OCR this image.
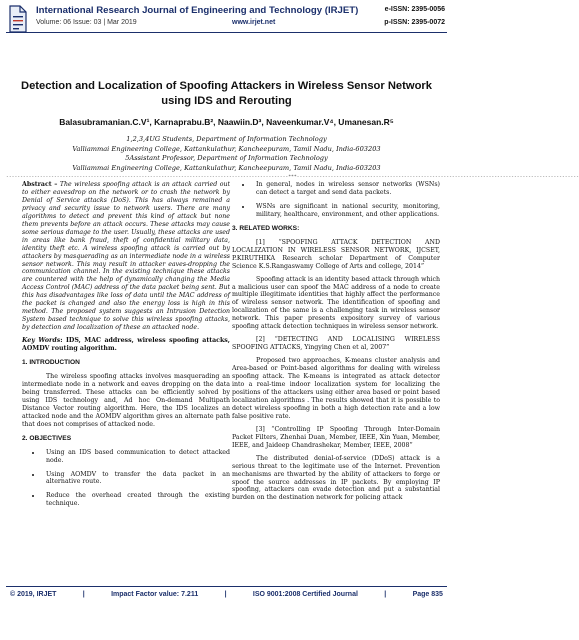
International Research Journal of Engineering and Technology (IRJET)
Volume: 06 Issue: 03 | Mar 2019	www.irjet.net
e-ISSN: 2395-0056
p-ISSN: 2395-0072
Detection and Localization of Spoofing Attackers in Wireless Sensor Network using IDS and Rerouting
Balasubramanian.C.V¹, Karnaprabu.B², Naawiin.D³, Naveenkumar.V⁴, Umanesan.R⁵
1,2,3,4UG Students, Department of Information Technology
Valliammai Engineering College, Kattankulathur, Kancheepuram, Tamil Nadu, India-603203
5Assistant Professor, Department of Information Technology
Valliammai Engineering College, Kattankulathur, Kancheepuram, Tamil Nadu, India-603203
----------------------------------------------------------------------------------------------------***----------------------------------------------------------------------------------------------------

Abstract – The wireless spoofing attack is an attack carried out to either eavesdrop on the network or to crash the network by Denial of Service attacks (DoS). This has always remained a privacy and security issue to network users. There are many algorithms to detect and prevent this kind of attack but none them prevents before an attack occurs. These attacks may cause some serious damage to the user. Usually, these attacks are used in areas like bank fraud, theft of confidential military data, identity theft etc. A wireless spoofing attack is carried out by attackers by masquerading as an intermediate node in a wireless sensor network. This may result in attacker eaves-dropping the communication channel. In the existing technique these attacks are countered with the help of dynamically changing the Media Access Control (MAC) address of the data packet being sent. But this has disadvantages like loss of data until the MAC address of the packet is changed and also the energy loss is high in this method. The proposed system suggests an Intrusion Detection System based technique to solve this wireless spoofing attacks, by detection and localization of these an attacked node.

Key Words: IDS, MAC address, wireless spoofing attacks, AOMDV routing algorithm.

1. INTRODUCTION

The wireless spoofing attacks involves masquerading an intermediate node in a network and eaves dropping on the data being transferred. These attacks can be efficiently solved by using IDS technology and, Ad hoc On-demand Multipath Distance Vector routing algorithm. Here, the IDS localizes an attacked node and the AOMDV algorithm gives an alternate path that does not comprises of attacked node.

2. OBJECTIVES

• Using an IDS based communication to detect attacked node.
• Using AOMDV to transfer the data packet in an alternative route.
• Reduce the overhead created through the existing technique.
• In general, nodes in wireless sensor networks (WSNs) can detect a target and send data packets.
• WSNs are significant in national security, monitoring, military, healthcare, environment, and other applications.

3. RELATED WORKS:

[1] “SPOOFING ATTACK DETECTION AND LOCALIZATION IN WIRELESS SENSOR NETWORK, IJCSET, P.KIRUTHIKA Research scholar Department of Computer Science K.S.Rangaswamy College of Arts and college, 2014”

Spoofing attack is an identity based attack through which a malicious user can spoof the MAC address of a node to create multiple illegitimate identities that highly affect the performance of wireless sensor network. The identification of spoofing and localization of the same is a challenging task in wireless sensor network. This paper presents expository survey of various spoofing attack detection techniques in wireless sensor network.

[2] “DETECTING AND LOCALISING WIRELESS SPOOFING ATTACKS, Yingying Chen et al, 2007”

Proposed two approaches, K-means cluster analysis and Area-based or Point-based algorithms for dealing with wireless spoofing attack. The K-means is integrated as attack detector into a real-time indoor localization system for localizing the positions of the attackers using either area based or point based localization algorithms . The results showed that it is possible to detect wireless spoofing in both a high detection rate and a low false positive rate.

[3] “Controlling IP Spoofing Through Inter-Domain Packet Filters, Zhenhai Duan, Member, IEEE, Xin Yuan, Member, IEEE, and Jaideep Chandrashekar, Member, IEEE, 2008”

The distributed denial-of-service (DDoS) attack is a serious threat to the legitimate use of the Internet. Prevention mechanisms are thwarted by the ability of attackers to forge or spoof the source addresses in IP packets. By employing IP spoofing, attackers can evade detection and put a substantial burden on the destination network for policing attack

© 2019, IRJET	|	Impact Factor value: 7.211	|	ISO 9001:2008 Certified Journal	|	Page 835
